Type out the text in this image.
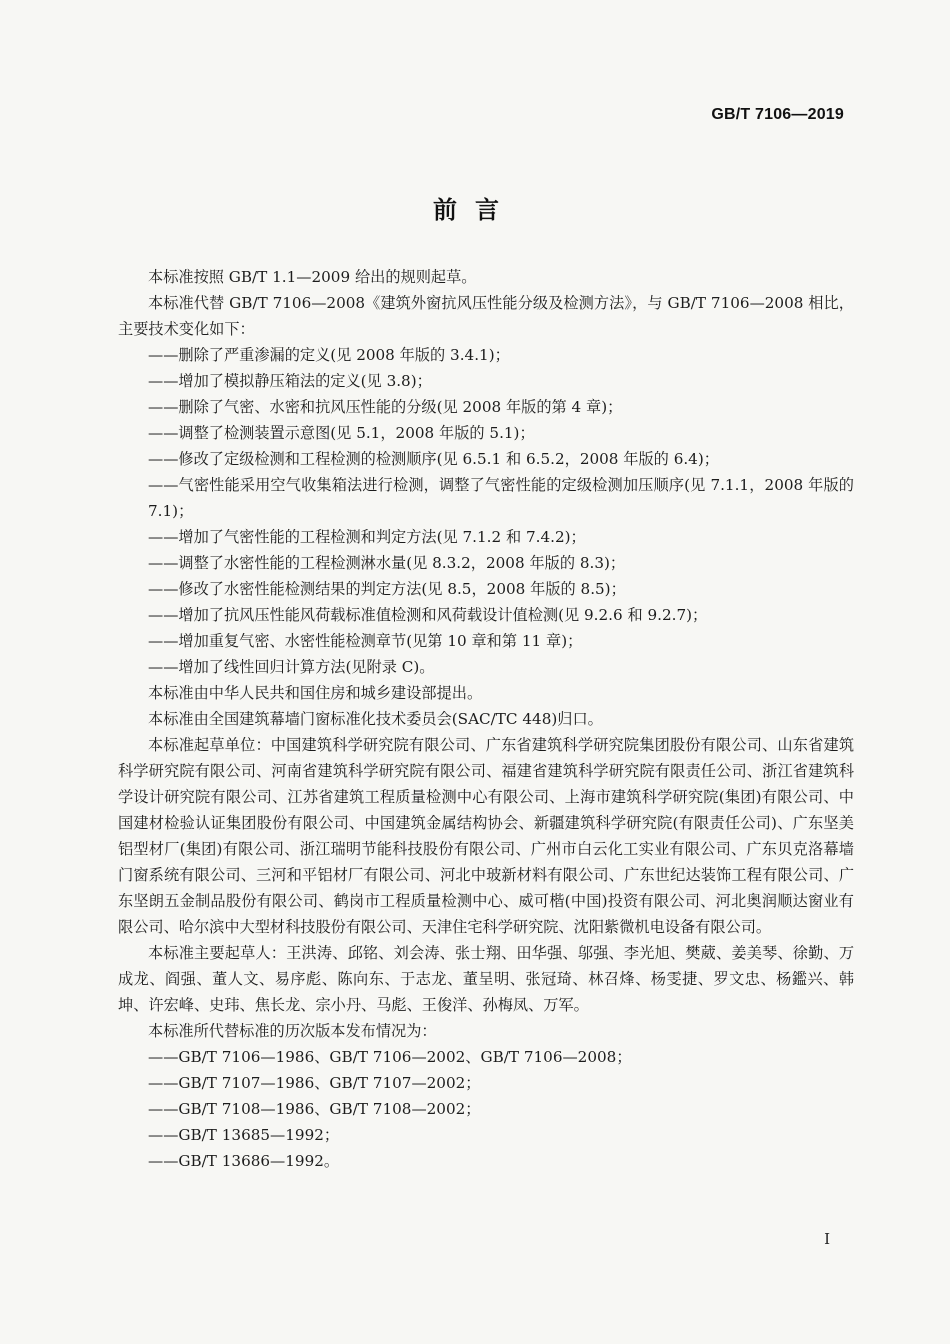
GB/T 7106—2019
前言

本标准按照 GB/T 1.1—2009 给出的规则起草。

本标准代替 GB/T 7106—2008《建筑外窗抗风压性能分级及检测方法》，与 GB/T 7106—2008 相比，主要技术变化如下：

——删除了严重渗漏的定义(见 2008 年版的 3.4.1)；

——增加了模拟静压箱法的定义(见 3.8)；

——删除了气密、水密和抗风压性能的分级(见 2008 年版的第 4 章)；

——调整了检测装置示意图(见 5.1，2008 年版的 5.1)；

——修改了定级检测和工程检测的检测顺序(见 6.5.1 和 6.5.2，2008 年版的 6.4)；

——气密性能采用空气收集箱法进行检测，调整了气密性能的定级检测加压顺序(见 7.1.1，2008 年版的 7.1)；

——增加了气密性能的工程检测和判定方法(见 7.1.2 和 7.4.2)；

——调整了水密性能的工程检测淋水量(见 8.3.2，2008 年版的 8.3)；

——修改了水密性能检测结果的判定方法(见 8.5，2008 年版的 8.5)；

——增加了抗风压性能风荷载标准值检测和风荷载设计值检测(见 9.2.6 和 9.2.7)；

——增加重复气密、水密性能检测章节(见第 10 章和第 11 章)；

——增加了线性回归计算方法(见附录 C)。

本标准由中华人民共和国住房和城乡建设部提出。

本标准由全国建筑幕墙门窗标准化技术委员会(SAC/TC 448)归口。

本标准起草单位：中国建筑科学研究院有限公司、广东省建筑科学研究院集团股份有限公司、山东省建筑科学研究院有限公司、河南省建筑科学研究院有限公司、福建省建筑科学研究院有限责任公司、浙江省建筑科学设计研究院有限公司、江苏省建筑工程质量检测中心有限公司、上海市建筑科学研究院(集团)有限公司、中国建材检验认证集团股份有限公司、中国建筑金属结构协会、新疆建筑科学研究院(有限责任公司)、广东坚美铝型材厂(集团)有限公司、浙江瑞明节能科技股份有限公司、广州市白云化工实业有限公司、广东贝克洛幕墙门窗系统有限公司、三河和平铝材厂有限公司、河北中玻新材料有限公司、广东世纪达装饰工程有限公司、广东坚朗五金制品股份有限公司、鹤岗市工程质量检测中心、威可楷(中国)投资有限公司、河北奥润顺达窗业有限公司、哈尔滨中大型材科技股份有限公司、天津住宅科学研究院、沈阳紫微机电设备有限公司。

本标准主要起草人：王洪涛、邱铭、刘会涛、张士翔、田华强、邬强、李光旭、樊葳、姜美琴、徐勤、万成龙、阎强、董人文、易序彪、陈向东、于志龙、董呈明、张冠琦、林召烽、杨雯捷、罗文忠、杨鑑兴、韩坤、许宏峰、史玮、焦长龙、宗小丹、马彪、王俊洋、孙梅凤、万军。

本标准所代替标准的历次版本发布情况为：

——GB/T 7106—1986、GB/T 7106—2002、GB/T 7106—2008；

——GB/T 7107—1986、GB/T 7107—2002；

——GB/T 7108—1986、GB/T 7108—2002；

——GB/T 13685—1992；

——GB/T 13686—1992。

I
